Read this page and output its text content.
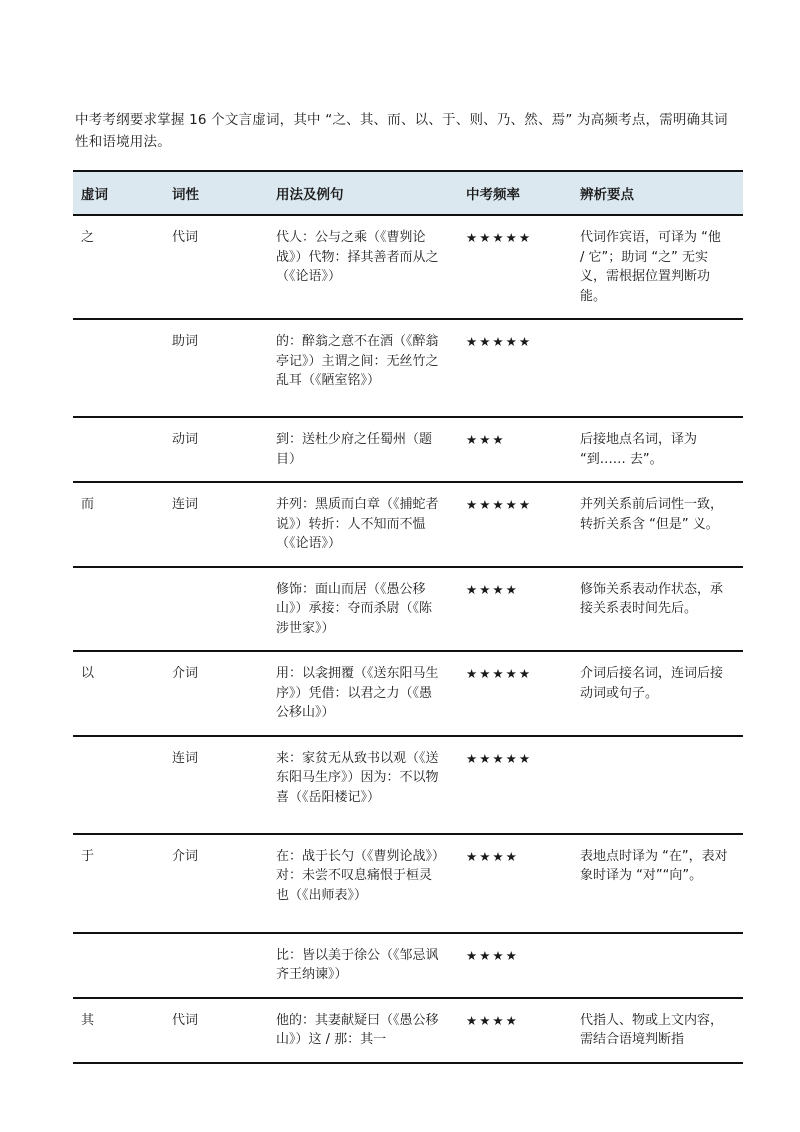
中考考纲要求掌握 16 个文言虚词，其中 “之、其、而、以、于、则、乃、然、焉” 为高频考点，需明确其词性和语境用法。

虚词	词性	用法及例句	中考频率	辨析要点
之	代词	代人：公与之乘（《曹刿论战》）代物：择其善者而从之（《论语》）	★★★★★	代词作宾语，可译为 “他 / 它”；助词 “之” 无实义，需根据位置判断功能。
	助词	的：醉翁之意不在酒（《醉翁亭记》）主谓之间：无丝竹之乱耳（《陋室铭》）	★★★★★	
	动词	到：送杜少府之任蜀州（题目）	★★★	后接地点名词，译为 “到…… 去”。
而	连词	并列：黑质而白章（《捕蛇者说》）转折：人不知而不愠（《论语》）	★★★★★	并列关系前后词性一致，转折关系含 “但是” 义。
		修饰：面山而居（《愚公移山》）承接：夺而杀尉（《陈涉世家》）	★★★★	修饰关系表动作状态，承接关系表时间先后。
以	介词	用：以衾拥覆（《送东阳马生序》）凭借：以君之力（《愚公移山》）	★★★★★	介词后接名词，连词后接动词或句子。
	连词	来：家贫无从致书以观（《送东阳马生序》）因为：不以物喜（《岳阳楼记》）	★★★★★	
于	介词	在：战于长勺（《曹刿论战》）对：未尝不叹息痛恨于桓灵也（《出师表》）	★★★★	表地点时译为 “在”，表对象时译为 “对”“向”。
		比：皆以美于徐公（《邹忌讽齐王纳谏》）	★★★★	
其	代词	他的：其妻献疑曰（《愚公移山》）这 / 那：其一	★★★★	代指人、物或上文内容，需结合语境判断指
